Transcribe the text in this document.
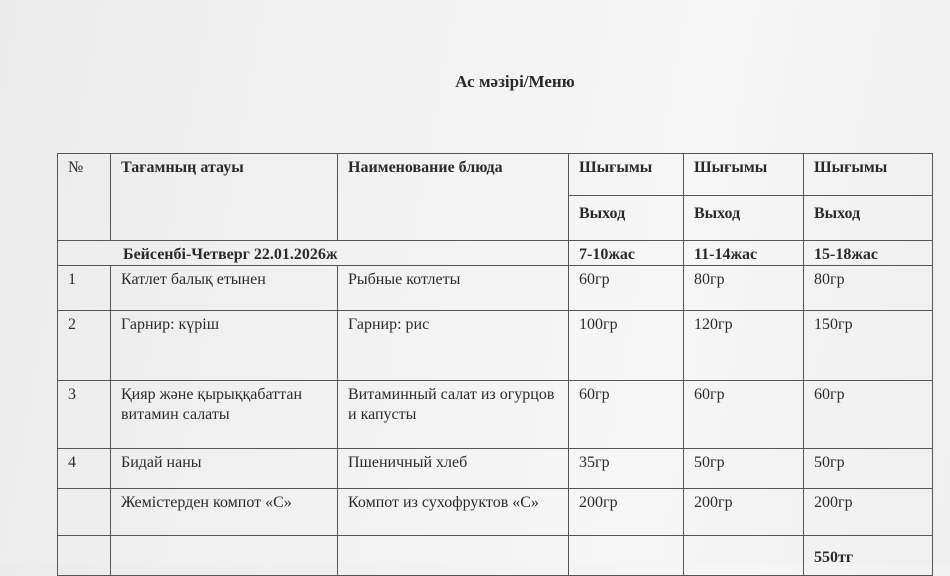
Ас мәзірі/Меню
№	Тағамның атауы	Наименование блюда	Шығымы	Шығымы	Шығымы
			Выход	Выход	Выход
Бейсенбі-Четверг 22.01.2026ж			7-10жас	11-14жас	15-18жас
1	Катлет балық етынен	Рыбные котлеты	60гр	80гр	80гр
2	Гарнир: күріш	Гарнир: рис	100гр	120гр	150гр
3	Қияр және қырыққабаттан витамин салаты	Витаминный салат из огурцов и капусты	60гр	60гр	60гр
4	Бидай наны	Пшеничный хлеб	35гр	50гр	50гр
	Жемістерден компот «С»	Компот из сухофруктов «С»	200гр	200гр	200гр
					550тг
